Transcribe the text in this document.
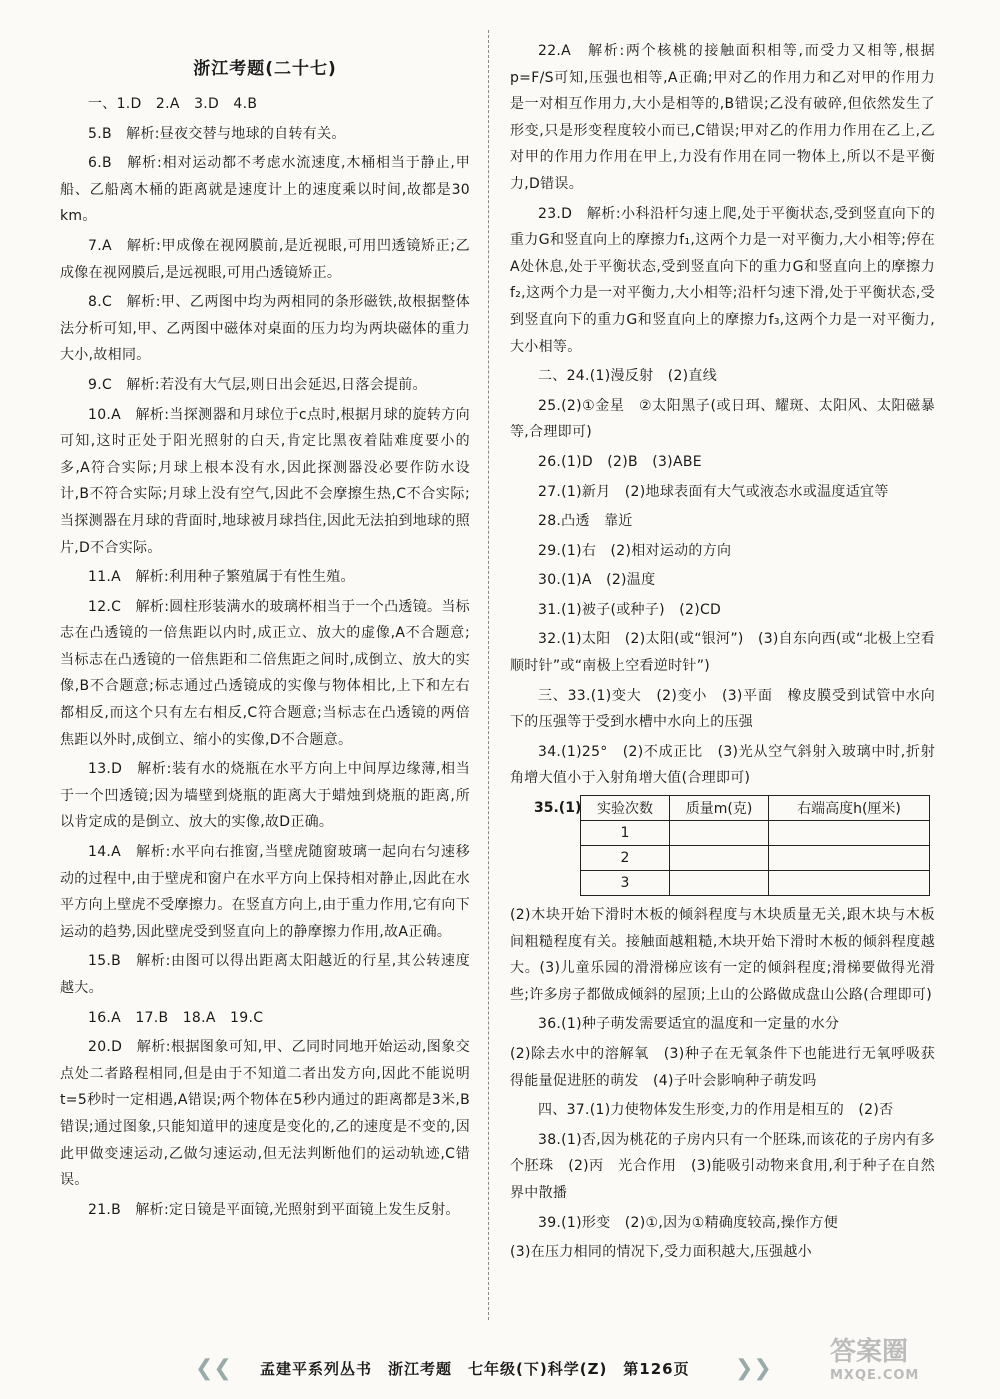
浙江考题(二十七)

一、1.D　2.A　3.D　4.B

5.B　解析:昼夜交替与地球的自转有关。

6.B　解析:相对运动都不考虑水流速度,木桶相当于静止,甲船、乙船离木桶的距离就是速度计上的速度乘以时间,故都是30 km。

7.A　解析:甲成像在视网膜前,是近视眼,可用凹透镜矫正;乙成像在视网膜后,是远视眼,可用凸透镜矫正。

8.C　解析:甲、乙两图中均为两相同的条形磁铁,故根据整体法分析可知,甲、乙两图中磁体对桌面的压力均为两块磁体的重力大小,故相同。

9.C　解析:若没有大气层,则日出会延迟,日落会提前。

10.A　解析:当探测器和月球位于c点时,根据月球的旋转方向可知,这时正处于阳光照射的白天,肯定比黑夜着陆难度要小的多,A符合实际;月球上根本没有水,因此探测器没必要作防水设计,B不符合实际;月球上没有空气,因此不会摩擦生热,C不合实际;当探测器在月球的背面时,地球被月球挡住,因此无法拍到地球的照片,D不合实际。

11.A　解析:利用种子繁殖属于有性生殖。

12.C　解析:圆柱形装满水的玻璃杯相当于一个凸透镜。当标志在凸透镜的一倍焦距以内时,成正立、放大的虚像,A不合题意;当标志在凸透镜的一倍焦距和二倍焦距之间时,成倒立、放大的实像,B不合题意;标志通过凸透镜成的实像与物体相比,上下和左右都相反,而这个只有左右相反,C符合题意;当标志在凸透镜的两倍焦距以外时,成倒立、缩小的实像,D不合题意。

13.D　解析:装有水的烧瓶在水平方向上中间厚边缘薄,相当于一个凹透镜;因为墙壁到烧瓶的距离大于蜡烛到烧瓶的距离,所以肯定成的是倒立、放大的实像,故D正确。

14.A　解析:水平向右推窗,当壁虎随窗玻璃一起向右匀速移动的过程中,由于壁虎和窗户在水平方向上保持相对静止,因此在水平方向上壁虎不受摩擦力。在竖直方向上,由于重力作用,它有向下运动的趋势,因此壁虎受到竖直向上的静摩擦力作用,故A正确。

15.B　解析:由图可以得出距离太阳越近的行星,其公转速度越大。

16.A　17.B　18.A　19.C

20.D　解析:根据图象可知,甲、乙同时同地开始运动,图象交点处二者路程相同,但是由于不知道二者出发方向,因此不能说明t=5秒时一定相遇,A错误;两个物体在5秒内通过的距离都是3米,B错误;通过图象,只能知道甲的速度是变化的,乙的速度是不变的,因此甲做变速运动,乙做匀速运动,但无法判断他们的运动轨迹,C错误。

21.B　解析:定日镜是平面镜,光照射到平面镜上发生反射。

22.A　解析:两个核桃的接触面积相等,而受力又相等,根据p=F/S可知,压强也相等,A正确;甲对乙的作用力和乙对甲的作用力是一对相互作用力,大小是相等的,B错误;乙没有破碎,但依然发生了形变,只是形变程度较小而已,C错误;甲对乙的作用力作用在乙上,乙对甲的作用力作用在甲上,力没有作用在同一物体上,所以不是平衡力,D错误。

23.D　解析:小科沿杆匀速上爬,处于平衡状态,受到竖直向下的重力G和竖直向上的摩擦力f₁,这两个力是一对平衡力,大小相等;停在A处休息,处于平衡状态,受到竖直向下的重力G和竖直向上的摩擦力f₂,这两个力是一对平衡力,大小相等;沿杆匀速下滑,处于平衡状态,受到竖直向下的重力G和竖直向上的摩擦力f₃,这两个力是一对平衡力,大小相等。

二、24.(1)漫反射　(2)直线

25.(2)①金星　②太阳黑子(或日珥、耀斑、太阳风、太阳磁暴等,合理即可)

26.(1)D　(2)B　(3)ABE

27.(1)新月　(2)地球表面有大气或液态水或温度适宜等

28.凸透　靠近

29.(1)右　(2)相对运动的方向

30.(1)A　(2)温度

31.(1)被子(或种子)　(2)CD

32.(1)太阳　(2)太阳(或“银河”)　(3)自东向西(或“北极上空看顺时针”或“南极上空看逆时针”)

三、33.(1)变大　(2)变小　(3)平面　橡皮膜受到试管中水向下的压强等于受到水槽中水向上的压强

34.(1)25°　(2)不成正比　(3)光从空气斜射入玻璃中时,折射角增大值小于入射角增大值(合理即可)

35.(1) 实验次数	质量m(克)	右端高度h(厘米)
1		
2		
3		

(2)木块开始下滑时木板的倾斜程度与木块质量无关,跟木块与木板间粗糙程度有关。接触面越粗糙,木块开始下滑时木板的倾斜程度越大。(3)儿童乐园的滑滑梯应该有一定的倾斜程度;滑梯要做得光滑些;许多房子都做成倾斜的屋顶;上山的公路做成盘山公路(合理即可)

36.(1)种子萌发需要适宜的温度和一定量的水分

(2)除去水中的溶解氧　(3)种子在无氧条件下也能进行无氧呼吸获得能量促进胚的萌发　(4)子叶会影响种子萌发吗

四、37.(1)力使物体发生形变,力的作用是相互的　(2)否

38.(1)否,因为桃花的子房内只有一个胚珠,而该花的子房内有多个胚珠　(2)丙　光合作用　(3)能吸引动物来食用,利于种子在自然界中散播

39.(1)形变　(2)①,因为①精确度较高,操作方便

(3)在压力相同的情况下,受力面积越大,压强越小

❮❮ 孟建平系列丛书　浙江考题　七年级(下)科学(Z)　第126页 ❯❯
答案圈
MXQE.COM
